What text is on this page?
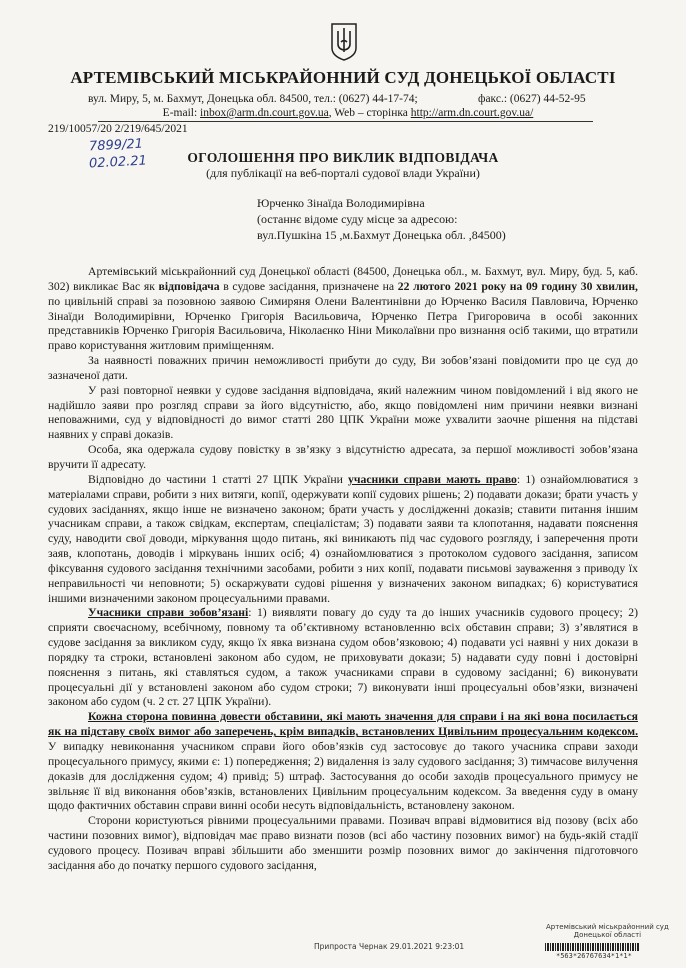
АРТЕМІВСЬКИЙ МІСЬКРАЙОННИЙ СУД ДОНЕЦЬКОЇ ОБЛАСТІ
вул. Миру, 5, м. Бахмут, Донецька обл. 84500, тел.: (0627) 44-17-74;	факс.: (0627) 44-52-95
E-mail: inbox@arm.dn.court.gov.ua, Web – сторінка http://arm.dn.court.gov.ua/
219/10057/20 2/219/645/2021
7899/21
02.02.21	ОГОЛОШЕННЯ ПРО ВИКЛИК ВІДПОВІДАЧА
(для публікації на веб-порталі судової влади України)
Юрченко Зінаїда Володимирівна
(останнє відоме суду місце за адресою:
вул.Пушкіна 15 ,м.Бахмут Донецька обл. ,84500)

Артемівський міськрайонний суд Донецької області (84500, Донецька обл., м. Бахмут, вул. Миру, буд. 5, каб. 302) викликає Вас як відповідача в судове засідання, призначене на 22 лютого 2021 року на 09 годину 30 хвилин, по цивільній справі за позовною заявою Симиряня Олени Валентинівни до Юрченко Василя Павловича, Юрченко Зінаїди Володимирівни, Юрченко Григорія Васильовича, Юрченко Петра Григоровича в особі законних представників Юрченко Григорія Васильовича, Ніколаєнко Ніни Миколаївни про визнання осіб такими, що втратили право користування житловим приміщенням.

За наявності поважних причин неможливості прибути до суду, Ви зобов’язані повідомити про це суд до зазначеної дати.

У разі повторної неявки у судове засідання відповідача, який належним чином повідомлений і від якого не надійшло заяви про розгляд справи за його відсутністю, або, якщо повідомлені ним причини неявки визнані неповажними, суд у відповідності до вимог статті 280 ЦПК України може ухвалити заочне рішення на підставі наявних у справі доказів.

Особа, яка одержала судову повістку в зв’язку з відсутністю адресата, за першої можливості зобов’язана вручити її адресату.

Відповідно до частини 1 статті 27 ЦПК України учасники справи мають право: 1) ознайомлюватися з матеріалами справи, робити з них витяги, копії, одержувати копії судових рішень; 2) подавати докази; брати участь у судових засіданнях, якщо інше не визначено законом; брати участь у дослідженні доказів; ставити питання іншим учасникам справи, а також свідкам, експертам, спеціалістам; 3) подавати заяви та клопотання, надавати пояснення суду, наводити свої доводи, міркування щодо питань, які виникають під час судового розгляду, і заперечення проти заяв, клопотань, доводів і міркувань інших осіб; 4) ознайомлюватися з протоколом судового засідання, записом фіксування судового засідання технічними засобами, робити з них копії, подавати письмові зауваження з приводу їх неправильності чи неповноти; 5) оскаржувати судові рішення у визначених законом випадках; 6) користуватися іншими визначеними законом процесуальними правами.

Учасники справи зобов’язані: 1) виявляти повагу до суду та до інших учасників судового процесу; 2) сприяти своєчасному, всебічному, повному та об’єктивному встановленню всіх обставин справи; 3) з’являтися в судове засідання за викликом суду, якщо їх явка визнана судом обов’язковою; 4) подавати усі наявні у них докази в порядку та строки, встановлені законом або судом, не приховувати докази; 5) надавати суду повні і достовірні пояснення з питань, які ставляться судом, а також учасниками справи в судовому засіданні; 6) виконувати процесуальні дії у встановлені законом або судом строки; 7) виконувати інші процесуальні обов’язки, визначені законом або судом (ч. 2 ст. 27 ЦПК України).

Кожна сторона повинна довести обставини, які мають значення для справи і на які вона посилається як на підставу своїх вимог або заперечень, крім випадків, встановлених Цивільним процесуальним кодексом. У випадку невиконання учасником справи його обов’язків суд застосовує до такого учасника справи заходи процесуального примусу, якими є: 1) попередження; 2) видалення із залу судового засідання; 3) тимчасове вилучення доказів для дослідження судом; 4) привід; 5) штраф. Застосування до особи заходів процесуального примусу не звільняє її від виконання обов’язків, встановлених Цивільним процесуальним кодексом. За введення суду в оману щодо фактичних обставин справи винні особи несуть відповідальність, встановлену законом.

Сторони користуються рівними процесуальними правами. Позивач вправі відмовитися від позову (всіх або частини позовних вимог), відповідач має право визнати позов (всі або частину позовних вимог) на будь-якій стадії судового процесу. Позивач вправі збільшити або зменшити розмір позовних вимог до закінчення підготовчого засідання або до початку першого судового засідання,

Артемівський міськрайонний суд
Донецької області
Припроста Чернак 29.01.2021 9:23:01
*563*26767634*1*1*
